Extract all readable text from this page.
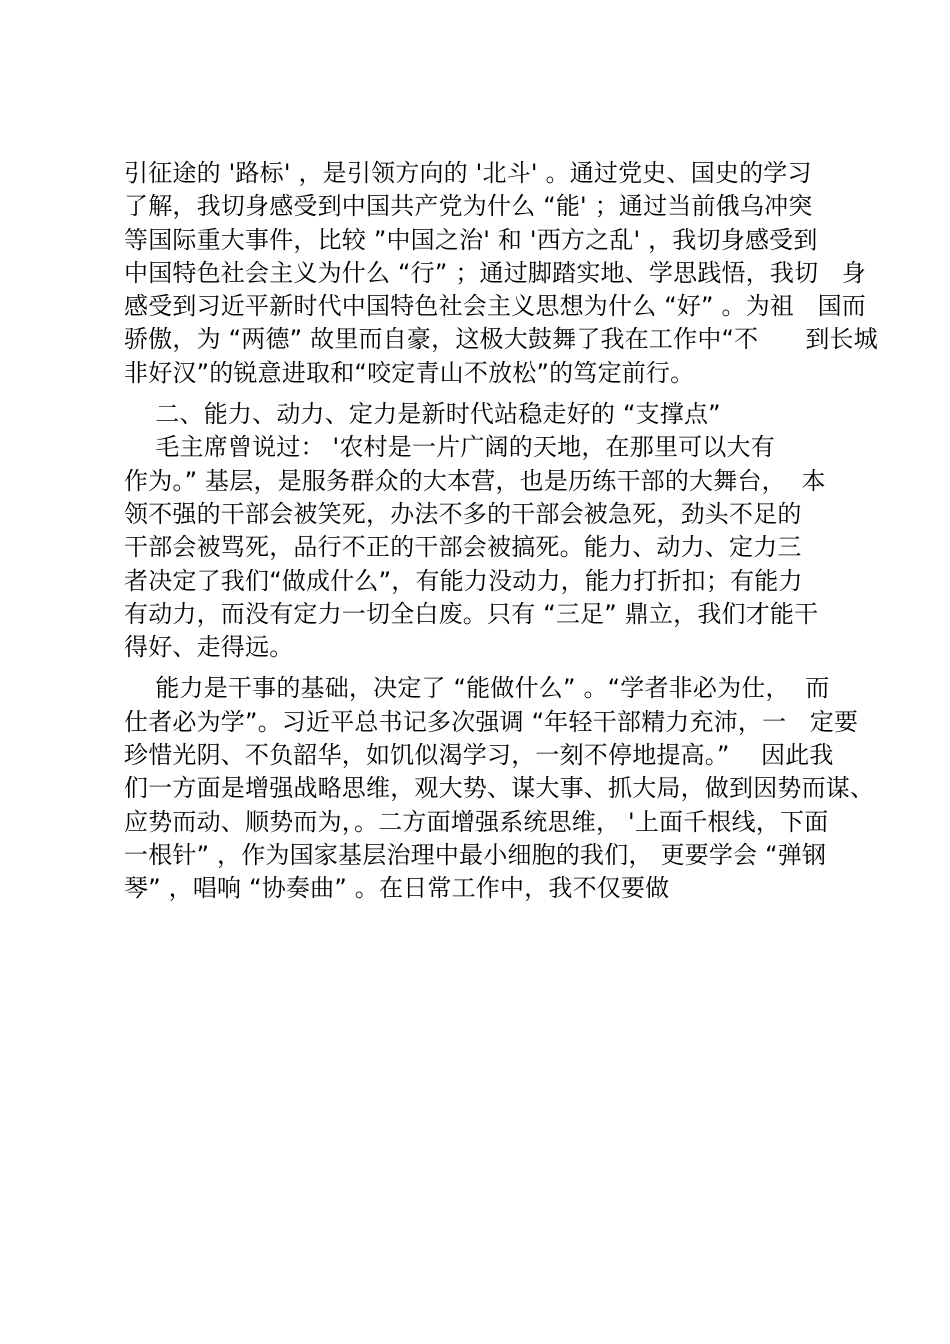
引征途的 '路标' ，是引领方向的 '北斗' 。通过党史、国史的学习
了解，我切身感受到中国共产党为什么 “能' ；通过当前俄乌冲突
等国际重大事件，比较 ”中国之治' 和 '西方之乱' ，我切身感受到
中国特色社会主义为什么 “行” ；通过脚踏实地、学思践悟，我切   身
感受到习近平新时代中国特色社会主义思想为什么 “好” 。为祖   国而
骄傲，为 “两德” 故里而自豪，这极大鼓舞了我在工作中“不      到长城
非好汉”的锐意进取和“咬定青山不放松”的笃定前行。
二、能力、动力、定力是新时代站稳走好的 “支撑点”
毛主席曾说过： '农村是一片广阔的天地，在那里可以大有
作为。” 基层，是服务群众的大本营，也是历练干部的大舞台，  本
领不强的干部会被笑死，办法不多的干部会被急死，劲头不足的
干部会被骂死，品行不正的干部会被搞死。能力、动力、定力三
者决定了我们“做成什么”，有能力没动力，能力打折扣；有能力
有动力，而没有定力一切全白废。只有 “三足” 鼎立，我们才能干
得好、走得远。
能力是干事的基础，决定了 “能做什么” 。“学者非必为仕，  而
仕者必为学”。习近平总书记多次强调 “年轻干部精力充沛，一   定要
珍惜光阴、不负韶华，如饥似渴学习，一刻不停地提高。”    因此我
们一方面是增强战略思维，观大势、谋大事、抓大局，做到因势而谋、
应势而动、顺势而为，。二方面增强系统思维， '上面千根线，下面
一根针” ，作为国家基层治理中最小细胞的我们， 更要学会 “弹钢
琴” ，唱响 “协奏曲” 。在日常工作中，我不仅要做
